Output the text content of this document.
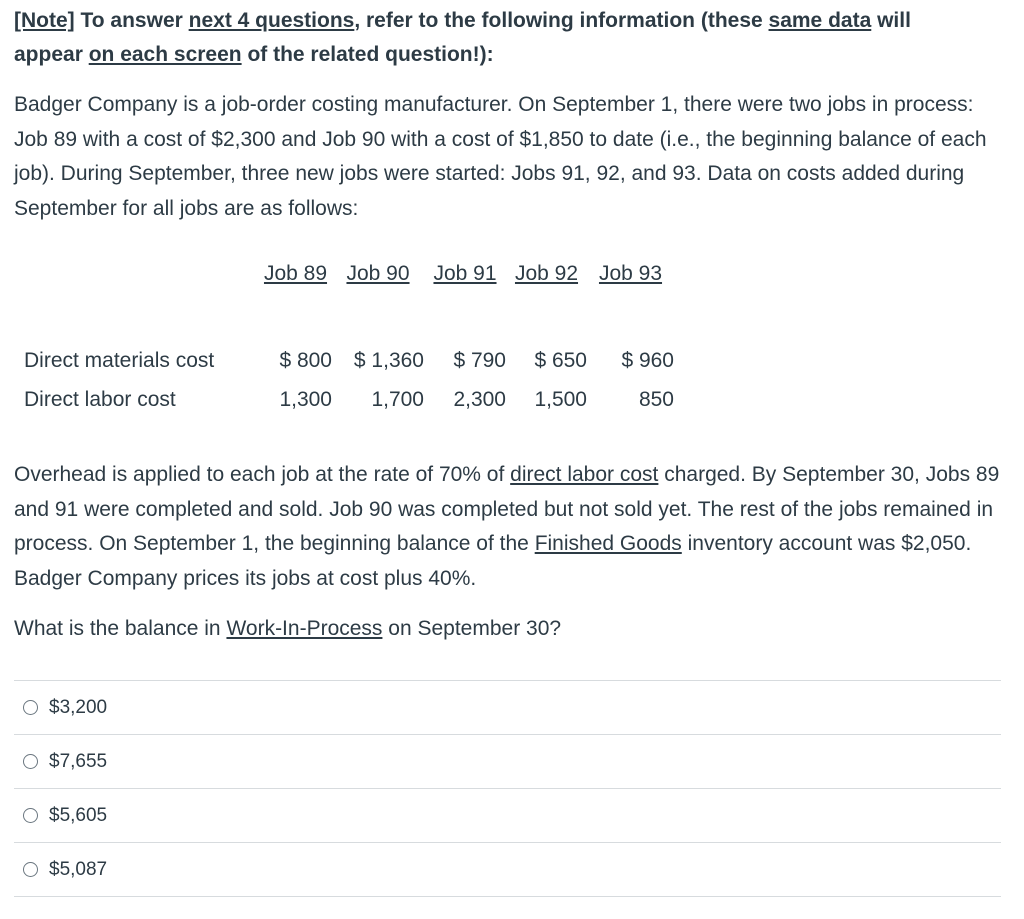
[Note] To answer next 4 questions, refer to the following information (these same data will
appear on each screen of the related question!):

Badger Company is a job-order costing manufacturer. On September 1, there were two jobs in process: Job 89 with a cost of $2,300 and Job 90 with a cost of $1,850 to date (i.e., the beginning balance of each job). During September, three new jobs were started: Jobs 91, 92, and 93. Data on costs added during September for all jobs are as follows:

	Job 89	Job 90	Job 91	Job 92	Job 93

Direct materials cost	$ 800	$ 1,360	$ 790	$ 650	$ 960
Direct labor cost	1,300	1,700	2,300	1,500	850

Overhead is applied to each job at the rate of 70% of direct labor cost charged. By September 30, Jobs 89 and 91 were completed and sold. Job 90 was completed but not sold yet. The rest of the jobs remained in process. On September 1, the beginning balance of the Finished Goods inventory account was $2,050. Badger Company prices its jobs at cost plus 40%.

What is the balance in Work-In-Process on September 30?

$3,200
$7,655
$5,605
$5,087
